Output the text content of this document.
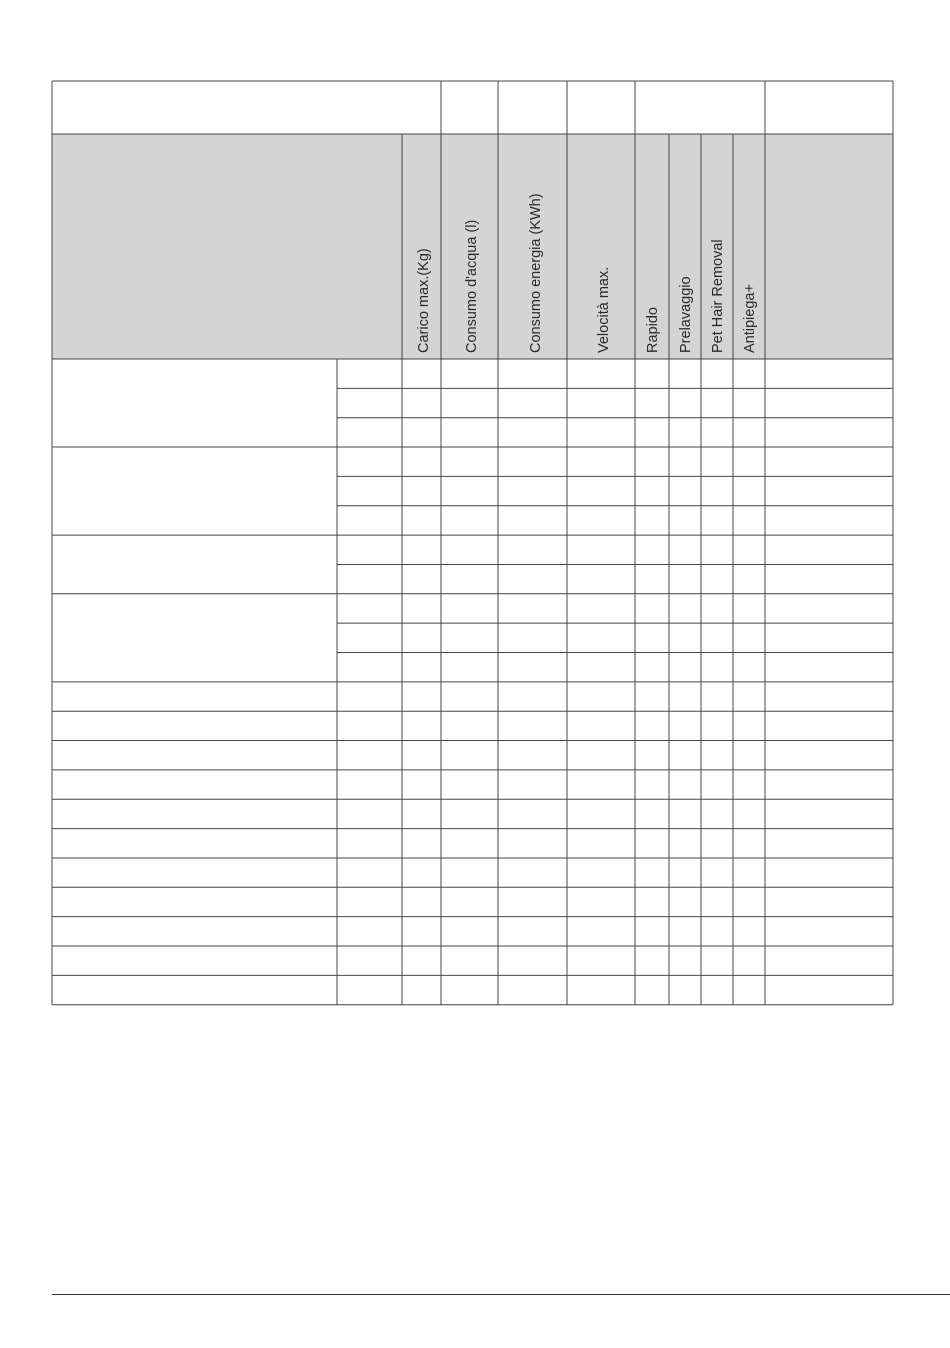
Carico max.(Kg) Consumo d'acqua (l)	Consumo energia (KWh)	Velocità max. Rapido Prelavaggio Pet Hair Removal Antipiega+
